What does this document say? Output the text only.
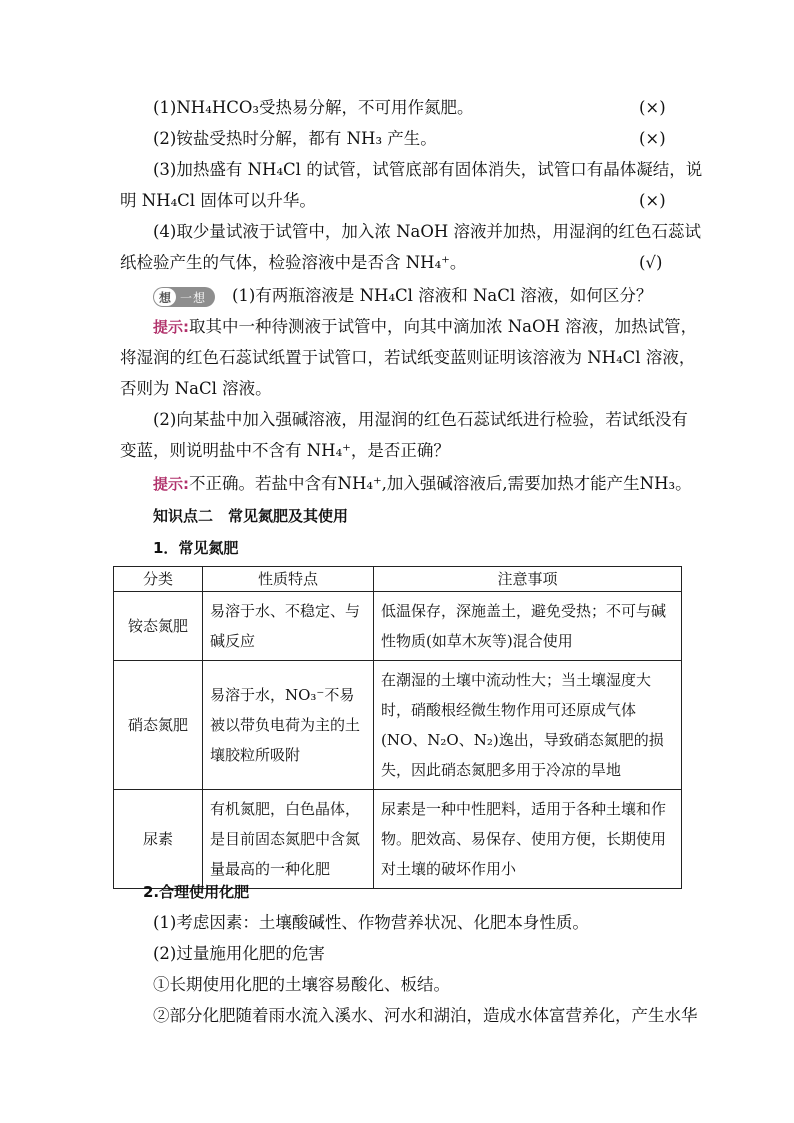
(1)NH₄HCO₃受热易分解，不可用作氮肥。	(×)
(2)铵盐受热时分解，都有 NH₃ 产生。	(×)
(3)加热盛有 NH₄Cl 的试管，试管底部有固体消失，试管口有晶体凝结，说
明 NH₄Cl 固体可以升华。	(×)
(4)取少量试液于试管中，加入浓 NaOH 溶液并加热，用湿润的红色石蕊试
纸检验产生的气体，检验溶液中是否含 NH₄⁺。	(√)
想 一想 (1)有两瓶溶液是 NH₄Cl 溶液和 NaCl 溶液，如何区分？
提示:取其中一种待测液于试管中，向其中滴加浓 NaOH 溶液，加热试管，
将湿润的红色石蕊试纸置于试管口，若试纸变蓝则证明该溶液为 NH₄Cl 溶液，
否则为 NaCl 溶液。
(2)向某盐中加入强碱溶液，用湿润的红色石蕊试纸进行检验，若试纸没有
变蓝，则说明盐中不含有 NH₄⁺，是否正确？
提示:不正确。若盐中含有NH₄⁺,加入强碱溶液后,需要加热才能产生NH₃。
知识点二　常见氮肥及其使用
1．常见氮肥
分类	性质特点	注意事项
铵态氮肥	易溶于水、不稳定、与碱反应	低温保存，深施盖土，避免受热；不可与碱性物质(如草木灰等)混合使用
硝态氮肥	易溶于水，NO₃⁻不易被以带负电荷为主的土壤胶粒所吸附	在潮湿的土壤中流动性大；当土壤湿度大时，硝酸根经微生物作用可还原成气体(NO、N₂O、N₂)逸出，导致硝态氮肥的损失，因此硝态氮肥多用于冷凉的旱地
尿素	有机氮肥，白色晶体，是目前固态氮肥中含氮量最高的一种化肥	尿素是一种中性肥料，适用于各种土壤和作物。肥效高、易保存、使用方便，长期使用对土壤的破坏作用小
2.合理使用化肥
(1)考虑因素：土壤酸碱性、作物营养状况、化肥本身性质。
(2)过量施用化肥的危害
①长期使用化肥的土壤容易酸化、板结。
②部分化肥随着雨水流入溪水、河水和湖泊，造成水体富营养化，产生水华
